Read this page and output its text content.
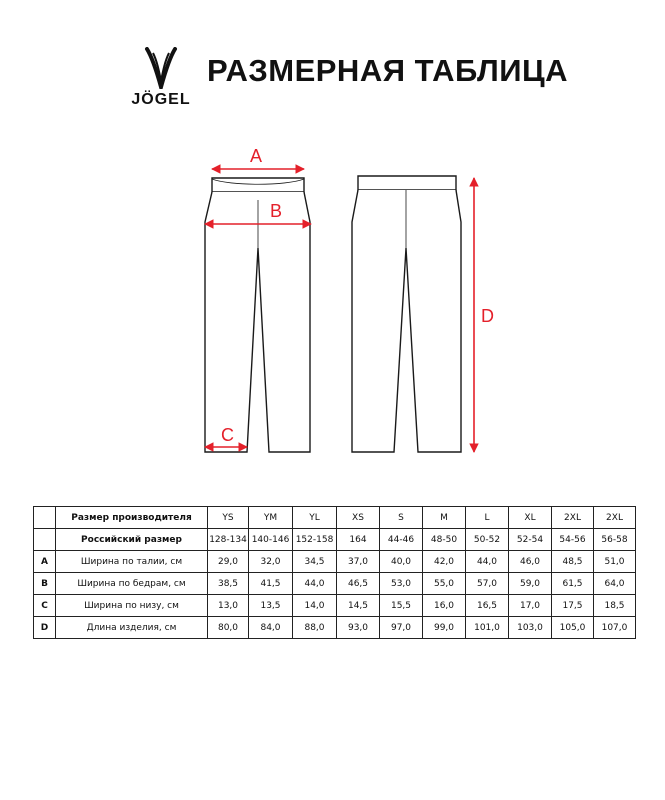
JÖGEL
РАЗМЕРНАЯ ТАБЛИЦА
A
B
C
D
	Размер производителя	YS	YM	YL	XS	S	M	L	XL	2XL	2XL
	Российский размер	128-134	140-146	152-158	164	44-46	48-50	50-52	52-54	54-56	56-58
A	Ширина по талии, см	29,0	32,0	34,5	37,0	40,0	42,0	44,0	46,0	48,5	51,0
B	Ширина по бедрам, см	38,5	41,5	44,0	46,5	53,0	55,0	57,0	59,0	61,5	64,0
C	Ширина по низу, см	13,0	13,5	14,0	14,5	15,5	16,0	16,5	17,0	17,5	18,5
D	Длина изделия, см	80,0	84,0	88,0	93,0	97,0	99,0	101,0	103,0	105,0	107,0
